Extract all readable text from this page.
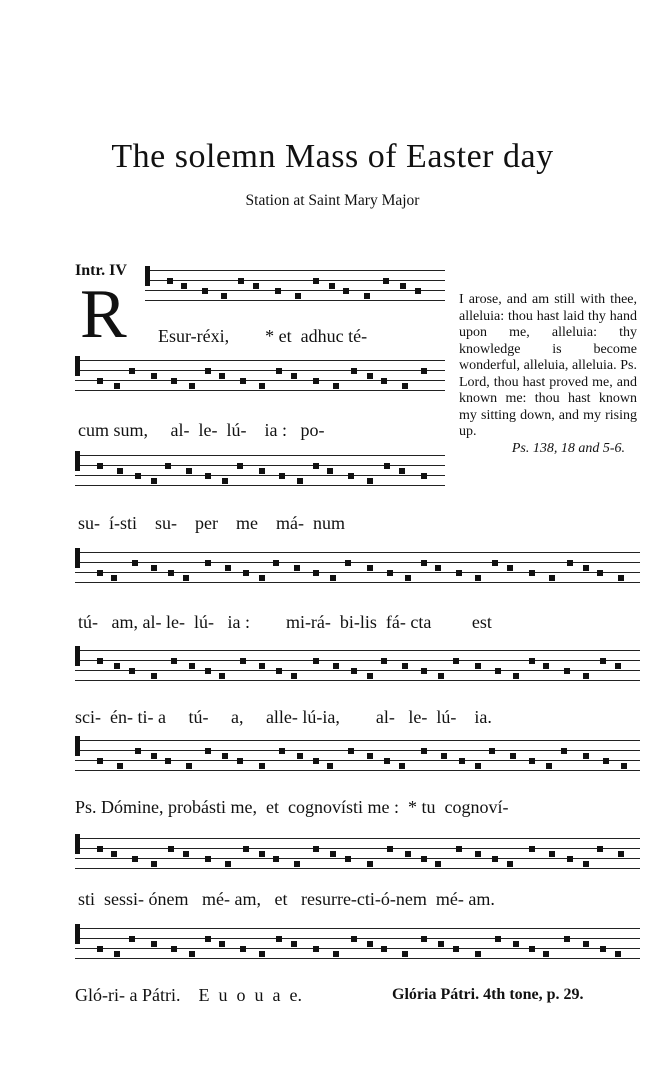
The solemn Mass of Easter day
Station at Saint Mary Major
Intr. IV
R Esur-réxi,        * et  adhuc té-
cum sum,     al-  le-  lú-    ia :   po-
su-  í-sti    su-    per    me    má-  num
I arose, and am still with thee, alleluia: thou hast laid thy hand upon me, alleluia: thy knowledge is become wonderful, alleluia, alleluia. Ps. Lord, thou hast proved me, and known me: thou hast known my sitting down, and my rising up.
Ps. 138, 18 and 5-6.
tú-   am, al- le-  lú-   ia :        mi-rá-  bi-lis  fá- cta         est
sci-  én- ti- a     tú-     a,     alle- lú-ia,        al-   le-  lú-    ia.
Ps. Dómine, probásti me,  et  cognovísti me :  * tu  cognoví-
sti  sessi- ónem   mé- am,   et   resurre-cti-ó-nem  mé- am.
Gló-ri- a Pátri.    E  u  o  u  a  e.	Glória Pátri. 4th tone, p. 29.
